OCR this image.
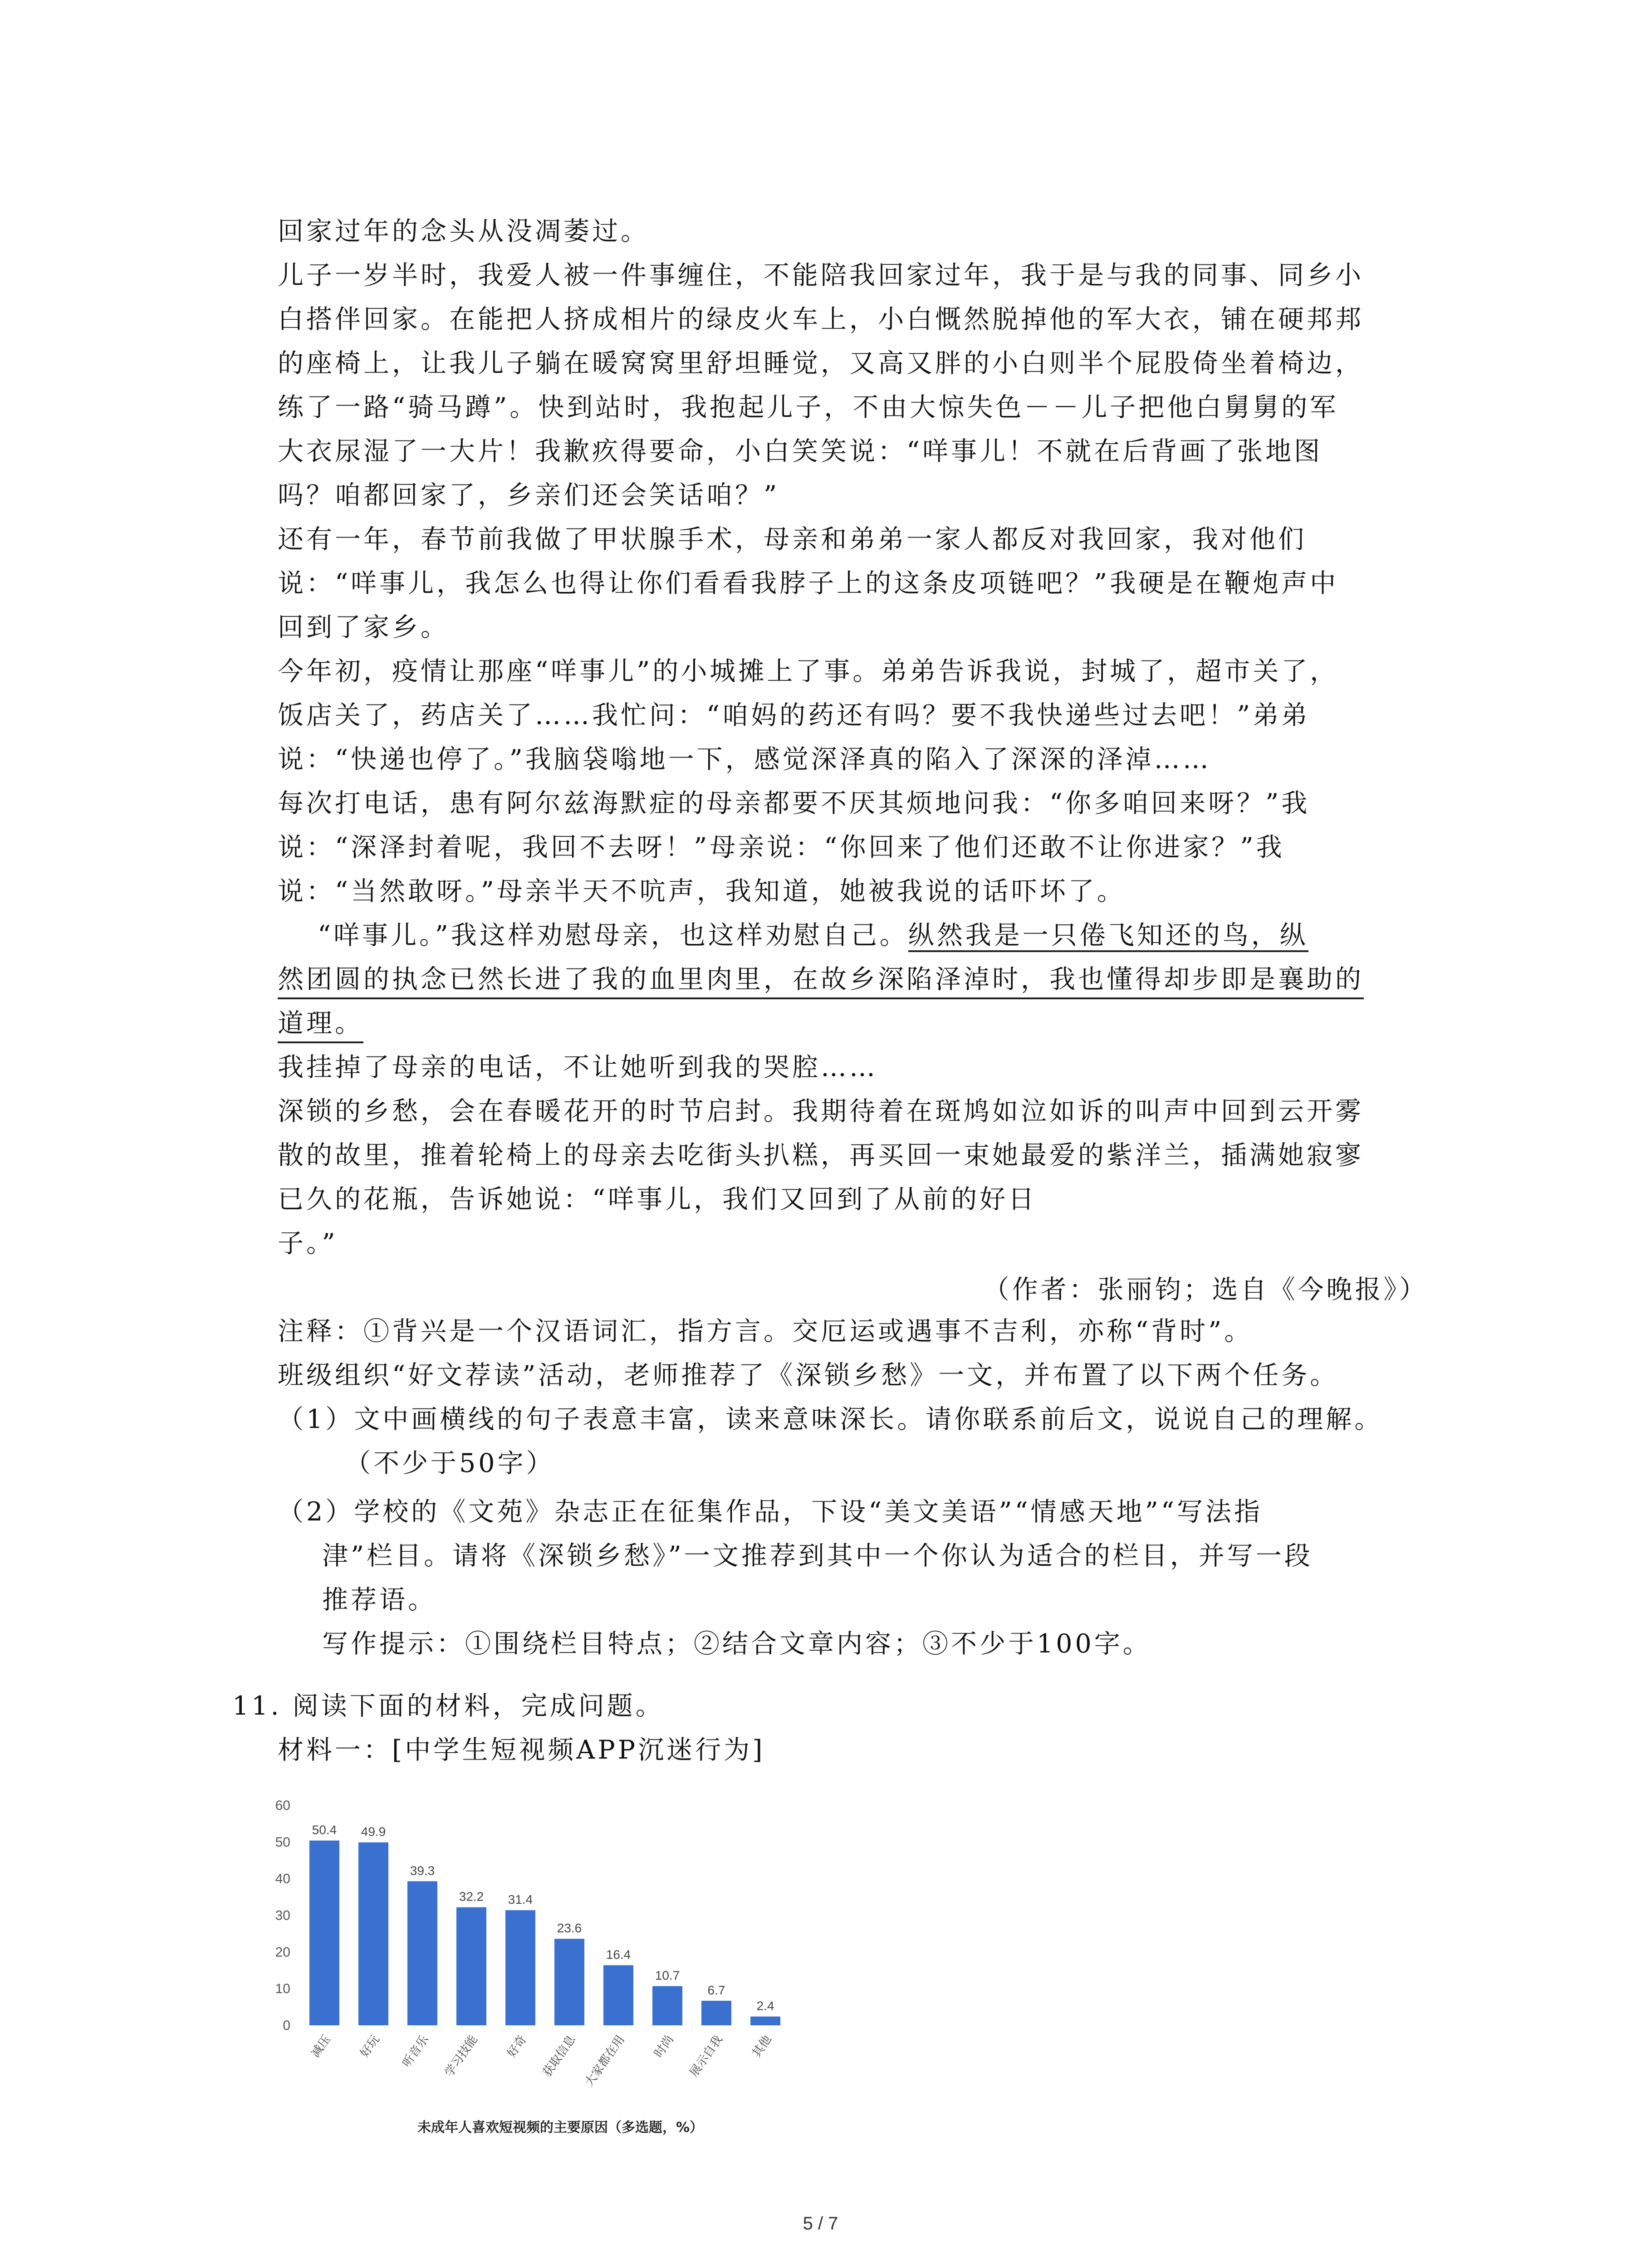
回家过年的念头从没凋萎过。
儿子一岁半时，我爱人被一件事缠住，不能陪我回家过年，我于是与我的同事、同乡小
白搭伴回家。在能把人挤成相片的绿皮火车上，小白慨然脱掉他的军大衣，铺在硬邦邦
的座椅上，让我儿子躺在暖窝窝里舒坦睡觉，又高又胖的小白则半个屁股倚坐着椅边，
练了一路“骑马蹲”。快到站时，我抱起儿子，不由大惊失色－－儿子把他白舅舅的军
大衣尿湿了一大片！我歉疚得要命，小白笑笑说：“咩事儿！不就在后背画了张地图
吗？咱都回家了，乡亲们还会笑话咱？”
还有一年，春节前我做了甲状腺手术，母亲和弟弟一家人都反对我回家，我对他们
说：“咩事儿，我怎么也得让你们看看我脖子上的这条皮项链吧？”我硬是在鞭炮声中
回到了家乡。
今年初，疫情让那座“咩事儿”的小城摊上了事。弟弟告诉我说，封城了，超市关了，
饭店关了，药店关了……我忙问：“咱妈的药还有吗？要不我快递些过去吧！”弟弟
说：“快递也停了。”我脑袋嗡地一下，感觉深泽真的陷入了深深的泽淖……
每次打电话，患有阿尔兹海默症的母亲都要不厌其烦地问我：“你多咱回来呀？”我
说：“深泽封着呢，我回不去呀！”母亲说：“你回来了他们还敢不让你进家？”我
说：“当然敢呀。”母亲半天不吭声，我知道，她被我说的话吓坏了。
“咩事儿。”我这样劝慰母亲，也这样劝慰自己。纵然我是一只倦飞知还的鸟，纵
然团圆的执念已然长进了我的血里肉里，在故乡深陷泽淖时，我也懂得却步即是襄助的
道理。
我挂掉了母亲的电话，不让她听到我的哭腔……
深锁的乡愁，会在春暖花开的时节启封。我期待着在斑鸠如泣如诉的叫声中回到云开雾
散的故里，推着轮椅上的母亲去吃街头扒糕，再买回一束她最爱的紫洋兰，插满她寂寥
已久的花瓶，告诉她说：“咩事儿，我们又回到了从前的好日
子。”
（作者：张丽钧；选自《今晚报》）
注释：①背兴是一个汉语词汇，指方言。交厄运或遇事不吉利，亦称“背时”。
班级组织“好文荐读”活动，老师推荐了《深锁乡愁》一文，并布置了以下两个任务。
（1）文中画横线的句子表意丰富，读来意味深长。请你联系前后文，说说自己的理解。
（不少于50字）
（2）学校的《文苑》杂志正在征集作品，下设“美文美语”“情感天地”“写法指
津”栏目。请将《深锁乡愁》”一文推荐到其中一个你认为适合的栏目，并写一段
推荐语。
写作提示：①围绕栏目特点；②结合文章内容；③不少于100字。
11. 阅读下面的材料，完成问题。
材料一：[中学生短视频APP沉迷行为]
0
10
20
30
40
50
60
50.4
减压
49.9
好玩
39.3
听音乐
32.2
学习技能
31.4
好奇
23.6
获取信息
16.4
大家都在用
10.7
时尚
6.7
展示自我
2.4
其他
未成年人喜欢短视频的主要原因（多选题，%）
5 / 7
